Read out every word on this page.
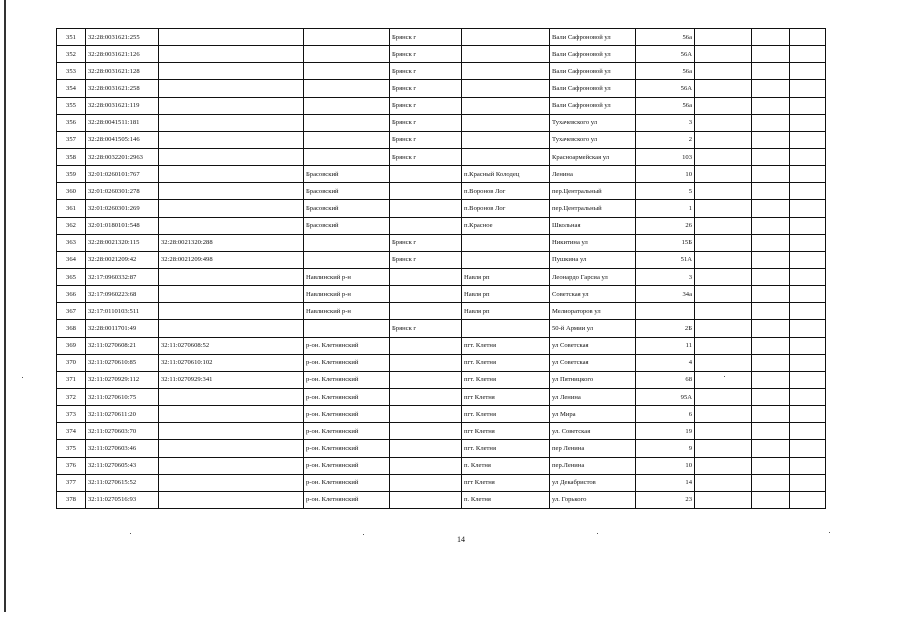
351	32:28:0031621:255			Брянск г		Вали Сафроновой ул	56а			
352	32:28:0031621:126			Брянск г		Вали Сафроновой ул	56А			
353	32:28:0031621:128			Брянск г		Вали Сафроновой ул	56а			
354	32:28:0031621:258			Брянск г		Вали Сафроновой ул	56А			
355	32:28:0031621:119			Брянск г		Вали Сафроновой ул	56а			
356	32:28:0041511:181			Брянск г		Тухачевского ул	3			
357	32:28:0041505:146			Брянск г		Тухачевского ул	2			
358	32:28:0032201:2963			Брянск г		Красноармейская ул	103			
359	32:01:0260101:767		Брасовский		п.Красный Колодец	Ленина	10			
360	32:01:0260301:278		Брасовский		п.Воронов Лог	пер.Центральный	5			
361	32:01:0260301:269		Брасовский		п.Воронов Лог	пер.Центральный	1			
362	32:01:0180101:548		Брасовский		п.Красное	Школьная	26			
363	32:28:0021320:115	32:28:0021320:288		Брянск г		Никитина ул	15Б			
364	32:28:0021209:42	32:28:0021209:498		Брянск г		Пушкина ул	51А			
365	32:17:0960332:87		Навлинский р-н		Навля рп	Леонардо Гарсиа ул	3			
366	32:17:0960223:68		Навлинский р-н		Навля рп	Советская ул	34а			
367	32:17:0110103:511		Навлинский р-н		Навля рп	Мелиораторов ул				
368	32:28:0011701:49			Брянск г		50-й Армии ул	2Б			
369	32:11:0270608:21	32:11:0270608:52	р-он. Клетнянский		пгт. Клетня	ул Советская	11			
370	32:11:0270610:85	32:11:0270610:102	р-он. Клетнянский		пгт. Клетня	ул Советская	4			
371	32:11:0270929:112	32:11:0270929:341	р-он. Клетнянский		пгт. Клетня	ул Пятницкого	68			
372	32:11:0270610:75		р-он. Клетнянский		пгт Клетня	ул Ленина	95А			
373	32:11:0270611:20		р-он. Клетнянский		пгт. Клетня	ул Мира	6			
374	32:11:0270603:70		р-он. Клетнянский		пгт Клетня	ул. Советская	19			
375	32:11:0270603:46		р-он. Клетнянский		пгт. Клетня	пер Ленина	9			
376	32:11:0270605:43		р-он. Клетнянский		п. Клетня	пер.Ленина	10			
377	32:11:0270615:52		р-он. Клетнянский		пгт Клетня	ул Декабристов	14			
378	32:11:0270516:93		р-он. Клетнянский		п. Клетня	ул. Горького	23			
14
